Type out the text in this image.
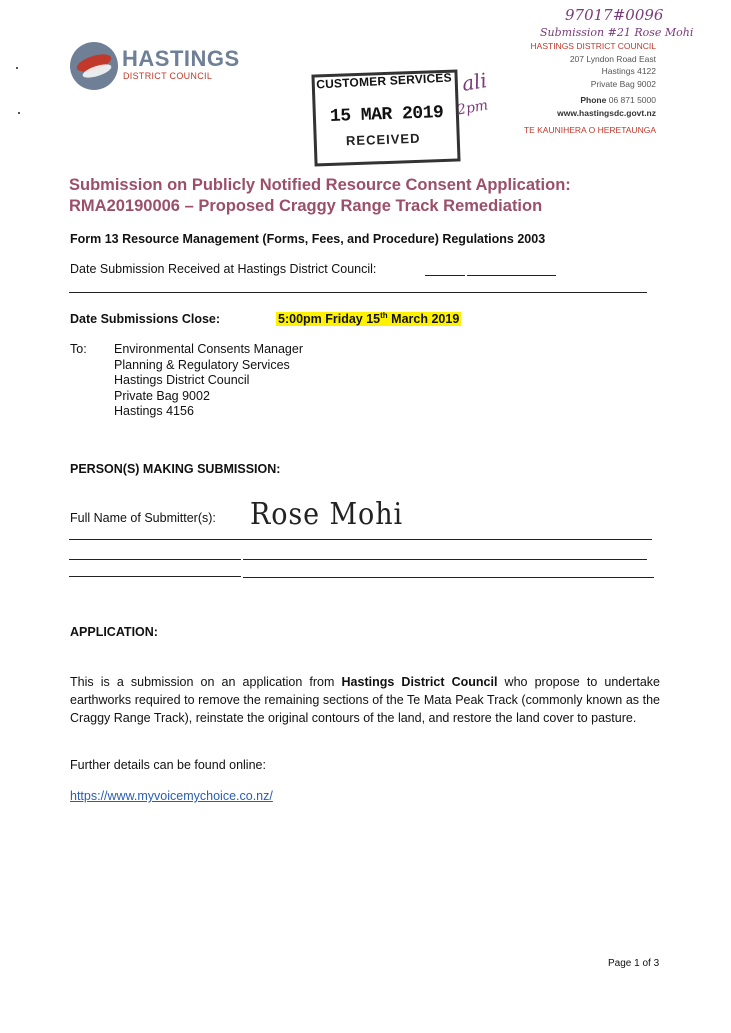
97017#0096
Submission #21 Rose Mohi
HASTINGS
DISTRICT COUNCIL	CUSTOMER SERVICES
15 MAR 2019
RECEIVED
ali
2pm
HASTINGS DISTRICT COUNCIL
207 Lyndon Road East
Hastings 4122
Private Bag 9002
Phone 06 871 5000
www.hastingsdc.govt.nz
TE KAUNIHERA O HERETAUNGA
Submission on Publicly Notified Resource Consent Application:
RMA20190006 – Proposed Craggy Range Track Remediation
Form 13 Resource Management (Forms, Fees, and Procedure) Regulations 2003
Date Submission Received at Hastings District Council:
Date Submissions Close:	5:00pm Friday 15th March 2019
To: Environmental Consents Manager
Planning & Regulatory Services
Hastings District Council
Private Bag 9002
Hastings 4156
PERSON(S) MAKING SUBMISSION:
Full Name of Submitter(s): Rose Mohi
APPLICATION:
This is a submission on an application from Hastings District Council who propose to undertake earthworks required to remove the remaining sections of the Te Mata Peak Track (commonly known as the Craggy Range Track), reinstate the original contours of the land, and restore the land cover to pasture.
Further details can be found online:
https://www.myvoicemychoice.co.nz/
Page 1 of 3
